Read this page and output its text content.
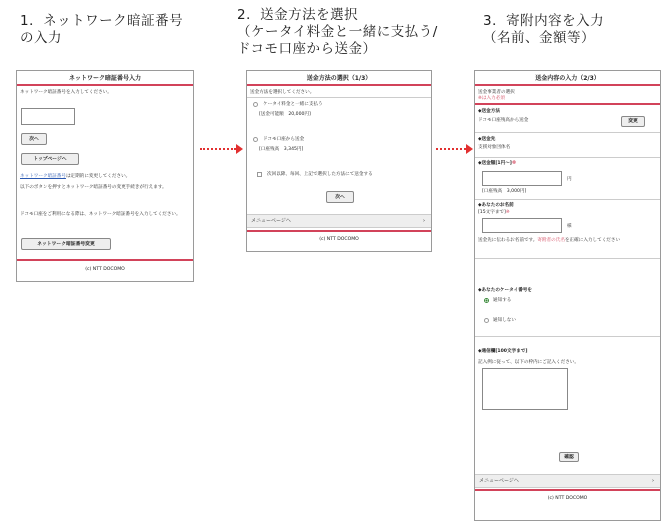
1．ネットワーク暗証番号
の入力
2．送金方法を選択
（ケータイ料金と一緒に支払う/
ドコモ口座から送金）
3．寄附内容を入力
（名前、金額等）
ネットワーク暗証番号入力
ネットワーク暗証番号を入力してください。
次へ
トップページへ
ネットワーク暗証番号は定期的に変更してください。
以下のボタンを押すとネットワーク暗証番号の変更手続きが行えます。
ドコモ口座をご利用になる際は、ネットワーク暗証番号を入力してください。
ネットワーク暗証番号変更
(c) NTT DOCOMO
送金方法の選択（1/3）
送金方法を選択してください。
ケータイ料金と一緒に支払う
[送金可能額　20,000円]
ドコモ口座から送金
[口座残高　3,345円]
次回以降、毎回、上記で選択した方法にて送金する
次へ
メニューページへ	›
(c) NTT DOCOMO
送金内容の入力（2/3）
送金事業者の選択
※は入力必須
◆送金方法
ドコモ口座残高から送金	変更
◆送金先
支援対象団体名
◆送金額[1円～]※
円
[口座残高　3,000円]
◆あなたのお名前
[15文字まで]※
様
送金先に伝わるお名前です。寄附者の氏名を正確に入力してください
◆あなたのケータイ番号を
通知する
通知しない
◆通信欄[100文字まで]
記入例に従って、以下の枠内にご記入ください。
確認
メニューページへ	›
(c) NTT DOCOMO
